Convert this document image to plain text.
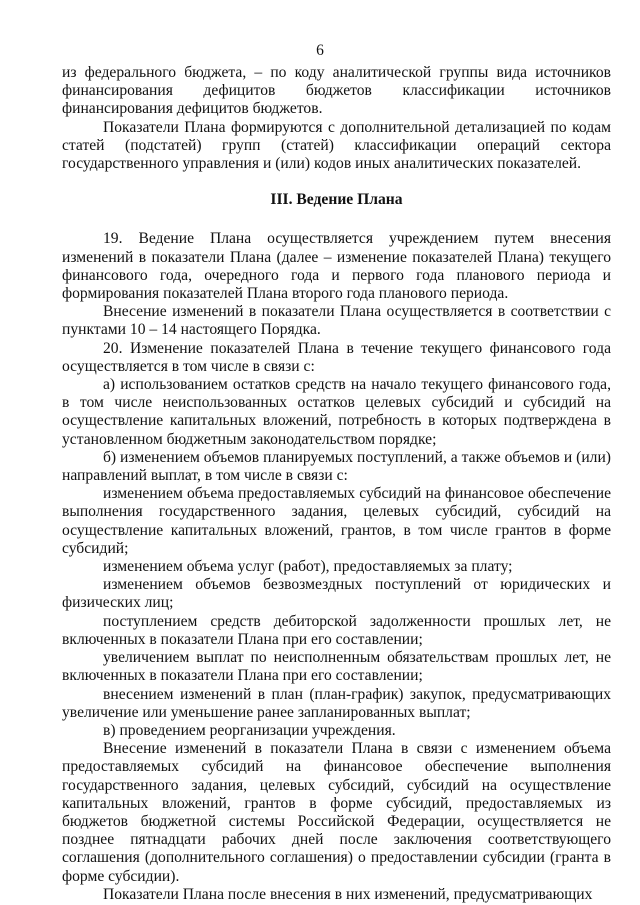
6

из федерального бюджета, – по коду аналитической группы вида источников финансирования дефицитов бюджетов классификации источников финансирования дефицитов бюджетов.

Показатели Плана формируются с дополнительной детализацией по кодам статей (подстатей) групп (статей) классификации операций сектора государственного управления и (или) кодов иных аналитических показателей.

III. Ведение Плана

19. Ведение Плана осуществляется учреждением путем внесения изменений в показатели Плана (далее – изменение показателей Плана) текущего финансового года, очередного года и первого года планового периода и формирования показателей Плана второго года планового периода.

Внесение изменений в показатели Плана осуществляется в соответствии с пунктами 10 – 14 настоящего Порядка.

20. Изменение показателей Плана в течение текущего финансового года осуществляется в том числе в связи с:

а) использованием остатков средств на начало текущего финансового года, в том числе неиспользованных остатков целевых субсидий и субсидий на осуществление капитальных вложений, потребность в которых подтверждена в установленном бюджетным законодательством порядке;

б) изменением объемов планируемых поступлений, а также объемов и (или) направлений выплат, в том числе в связи с:

изменением объема предоставляемых субсидий на финансовое обеспечение выполнения государственного задания, целевых субсидий, субсидий на осуществление капитальных вложений, грантов, в том числе грантов в форме субсидий;

изменением объема услуг (работ), предоставляемых за плату;

изменением объемов безвозмездных поступлений от юридических и физических лиц;

поступлением средств дебиторской задолженности прошлых лет, не включенных в показатели Плана при его составлении;

увеличением выплат по неисполненным обязательствам прошлых лет, не включенных в показатели Плана при его составлении;

внесением изменений в план (план-график) закупок, предусматривающих увеличение или уменьшение ранее запланированных выплат;

в) проведением реорганизации учреждения.

Внесение изменений в показатели Плана в связи с изменением объема предоставляемых субсидий на финансовое обеспечение выполнения государственного задания, целевых субсидий, субсидий на осуществление капитальных вложений, грантов в форме субсидий, предоставляемых из бюджетов бюджетной системы Российской Федерации, осуществляется не позднее пятнадцати рабочих дней после заключения соответствующего соглашения (дополнительного соглашения) о предоставлении субсидии (гранта в форме субсидии).

Показатели Плана после внесения в них изменений, предусматривающих
